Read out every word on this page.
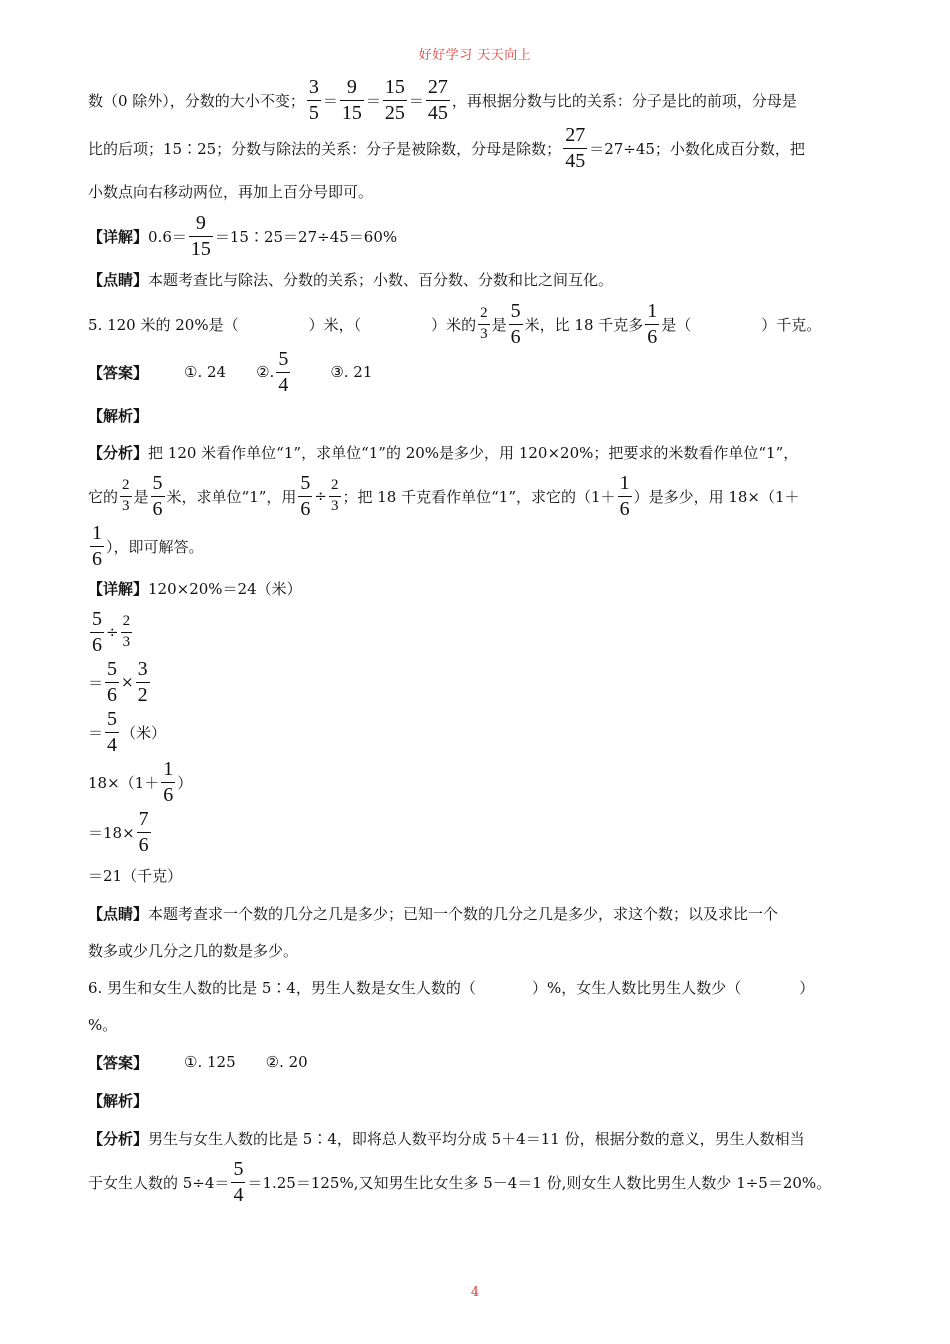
好好学习 天天向上
数（0 除外），分数的大小不变； $\frac{3}{5} = \frac{9}{15} = \frac{15}{25} = \frac{27}{45}$ ，再根据分数与比的关系：分子是比的前项，分母是
比的后项；15∶25；分数与除法的关系：分子是被除数，分母是除数； $\frac{27}{45} =27\div 45$；小数化成百分数，把
小数点向右移动两位，再加上百分号即可。
【详解】 $0.6= \frac{9}{15}$ ＝15∶25＝27÷45＝60%
【点睛】 本题考查比与除法、分数的关系；小数、百分数、分数和比之间互化。
5. 120 米的 20%是（	）米，（	）米的 $\frac{2}{3}$ 是 $\frac{5}{6}$ 米，比 18 千克多 $\frac{1}{6}$ 是（	）千克。
【答案】 ①. 24 ②. $\frac{5}{4}$	③. 21
【解析】
【分析】 把 120 米看作单位“1”，求单位“1”的 20%是多少，用 120×20%；把要求的米数看作单位“1”，
它的 $\frac{2}{3}$ 是 $\frac{5}{6}$ 米，求单位“1”，用 $\frac{5}{6} \div \frac{2}{3}$ ；把 18 千克看作单位“1”，求它的（$1+ \frac{1}{6}$ ）是多少，用 18×（1＋
$\frac{1}{6}$ ），即可解答。
【详解】 120×20%＝24（米）
$\frac{5}{6} \div \frac{2}{3}$
＝ $\frac{5}{6} \times \frac{3}{2}$
＝ $\frac{5}{4}$ （米）
$18\times(1+ \frac{1}{6}$ ）
$=18\times \frac{7}{6}$
＝21（千克）
【点睛】 本题考查求一个数的几分之几是多少；已知一个数的几分之几是多少，求这个数；以及求比一个
数多或少几分之几的数是多少。
6. 男生和女生人数的比是 5∶4，男生人数是女生人数的（	）%，女生人数比男生人数少（	）
%。
【答案】 ①. 125 ②. 20
【解析】
【分析】 男生与女生人数的比是 5∶4，即将总人数平均分成 5＋4＝11 份，根据分数的意义，男生人数相当
于女生人数的 $5\div 4= \frac{5}{4} =1.25=125\%$,又知男生比女生多 5－4＝1 份,则女生人数比男生人数少 1÷5＝20%。
4
